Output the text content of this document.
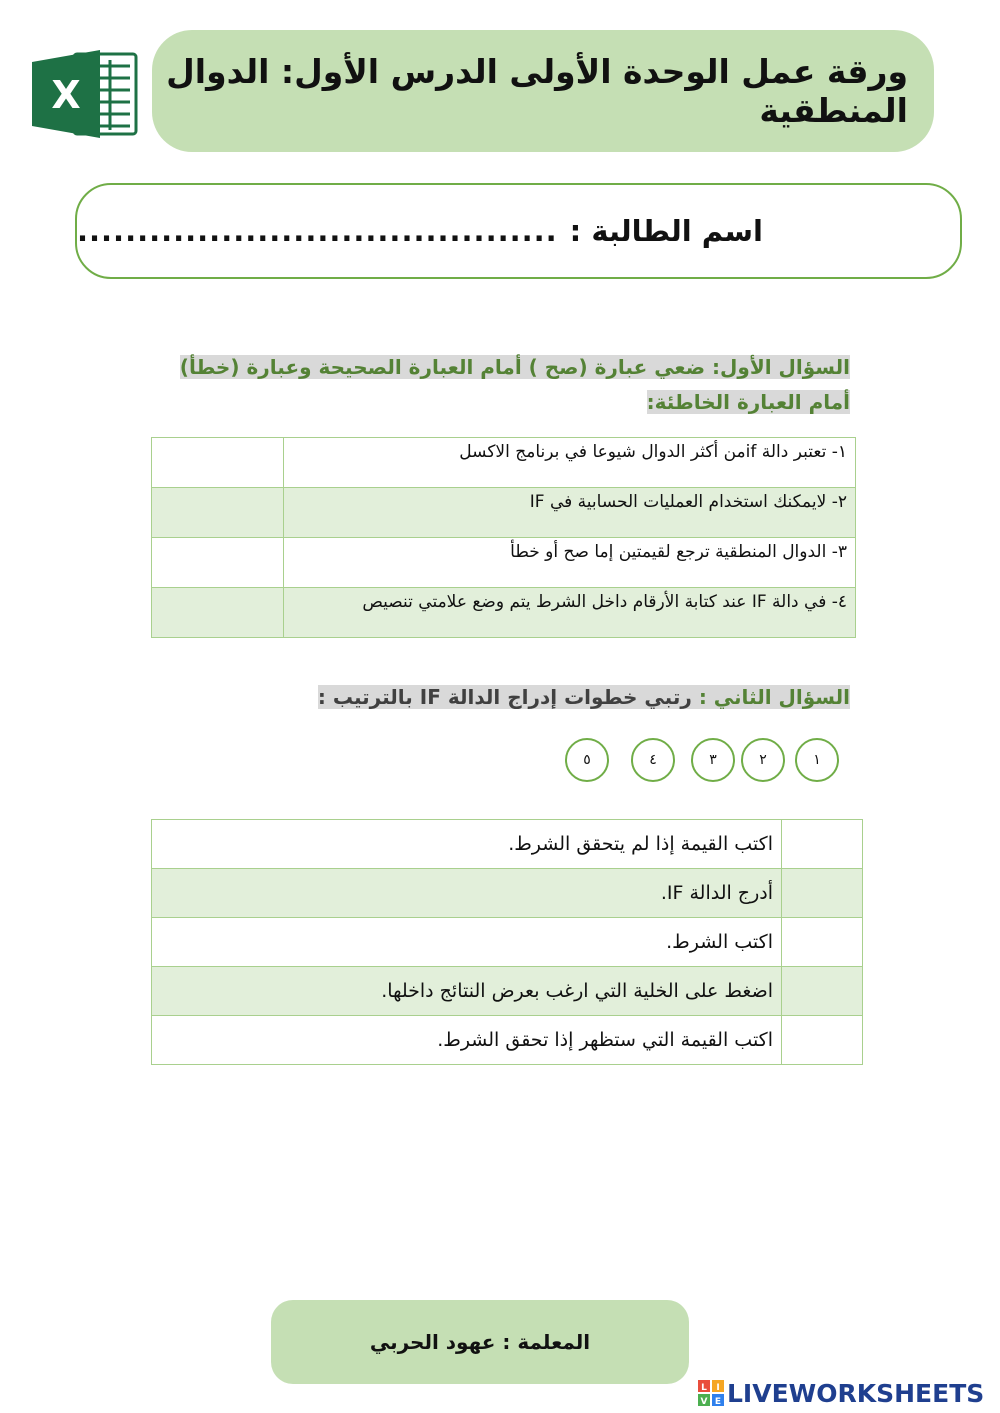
X
ورقة عمل الوحدة الأولى الدرس الأول: الدوال المنطقية
اسم الطالبة :
........................................
السؤال الأول: ضعي عبارة (صح ) أمام العبارة الصحيحة وعبارة (خطأ) أمام العبارة الخاطئة:
١- تعتبر دالة ifمن أكثر الدوال شيوعا في برنامج الاكسل	
٢- لايمكنك استخدام العمليات الحسابية في IF	
٣- الدوال المنطقية ترجع لقيمتين إما صح أو خطأ	
٤- في دالة IF عند كتابة الأرقام داخل الشرط يتم وضع علامتي تنصيص	
السؤال الثاني : رتبي خطوات إدراج الدالة IF بالترتيب :
١
٢
٣
٤
٥
	اكتب القيمة إذا لم يتحقق الشرط.
	أدرج الدالة IF.
	اكتب الشرط.
	اضغط على الخلية التي ارغب بعرض النتائج داخلها.
	اكتب القيمة التي ستظهر إذا تحقق الشرط.
المعلمة : عهود الحربي
L I
V E LIVEWORKSHEETS
